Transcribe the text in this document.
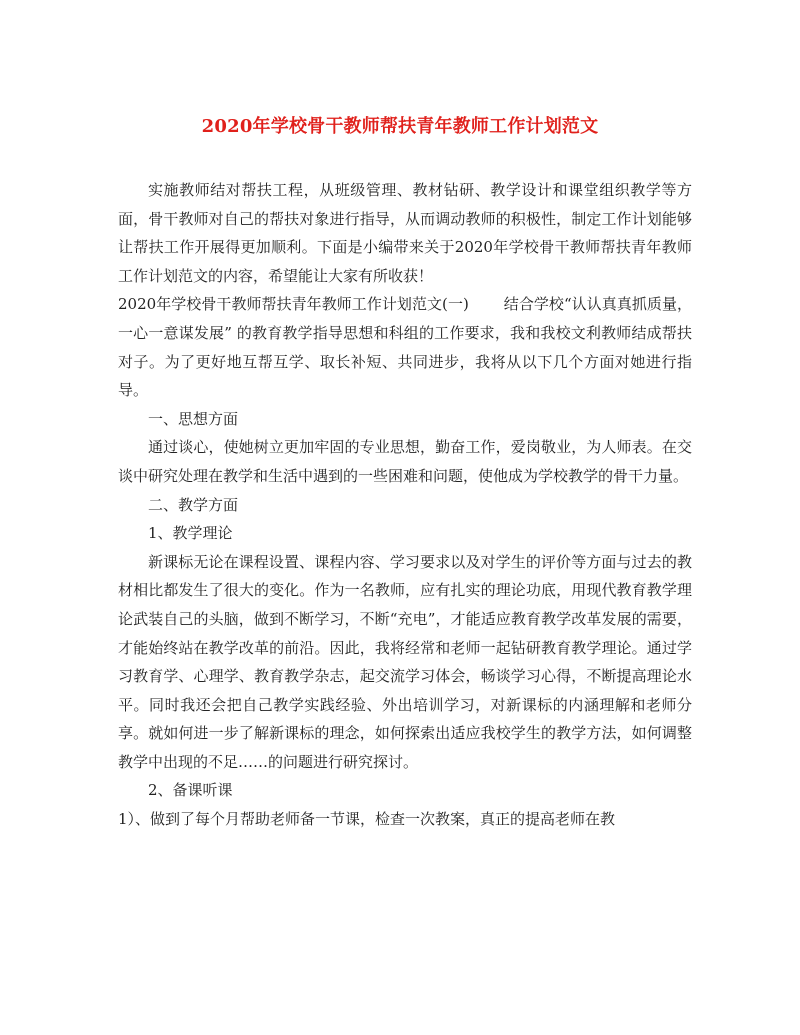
2020年学校骨干教师帮扶青年教师工作计划范文

实施教师结对帮扶工程，从班级管理、教材钻研、教学设计和课堂组织教学等方面，骨干教师对自己的帮扶对象进行指导，从而调动教师的积极性，制定工作计划能够让帮扶工作开展得更加顺利。下面是小编带来关于2020年学校骨干教师帮扶青年教师工作计划范文的内容，希望能让大家有所收获！

2020年学校骨干教师帮扶青年教师工作计划范文(一)　　 结合学校“认认真真抓质量，一心一意谋发展” 的教育教学指导思想和科组的工作要求，我和我校文利教师结成帮扶对子。为了更好地互帮互学、取长补短、共同进步，我将从以下几个方面对她进行指导。

一、思想方面

通过谈心，使她树立更加牢固的专业思想，勤奋工作，爱岗敬业，为人师表。在交谈中研究处理在教学和生活中遇到的一些困难和问题，使他成为学校教学的骨干力量。

二、教学方面

1、教学理论

新课标无论在课程设置、课程内容、学习要求以及对学生的评价等方面与过去的教材相比都发生了很大的变化。作为一名教师，应有扎实的理论功底，用现代教育教学理论武装自己的头脑，做到不断学习，不断“充电”，才能适应教育教学改革发展的需要，才能始终站在教学改革的前沿。因此，我将经常和老师一起钻研教育教学理论。通过学习教育学、心理学、教育教学杂志，起交流学习体会，畅谈学习心得，不断提高理论水平。同时我还会把自己教学实践经验、外出培训学习，对新课标的内涵理解和老师分享。就如何进一步了解新课标的理念，如何探索出适应我校学生的教学方法，如何调整教学中出现的不足……的问题进行研究探讨。

2、备课听课

1）、做到了每个月帮助老师备一节课，检查一次教案，真正的提高老师在教
